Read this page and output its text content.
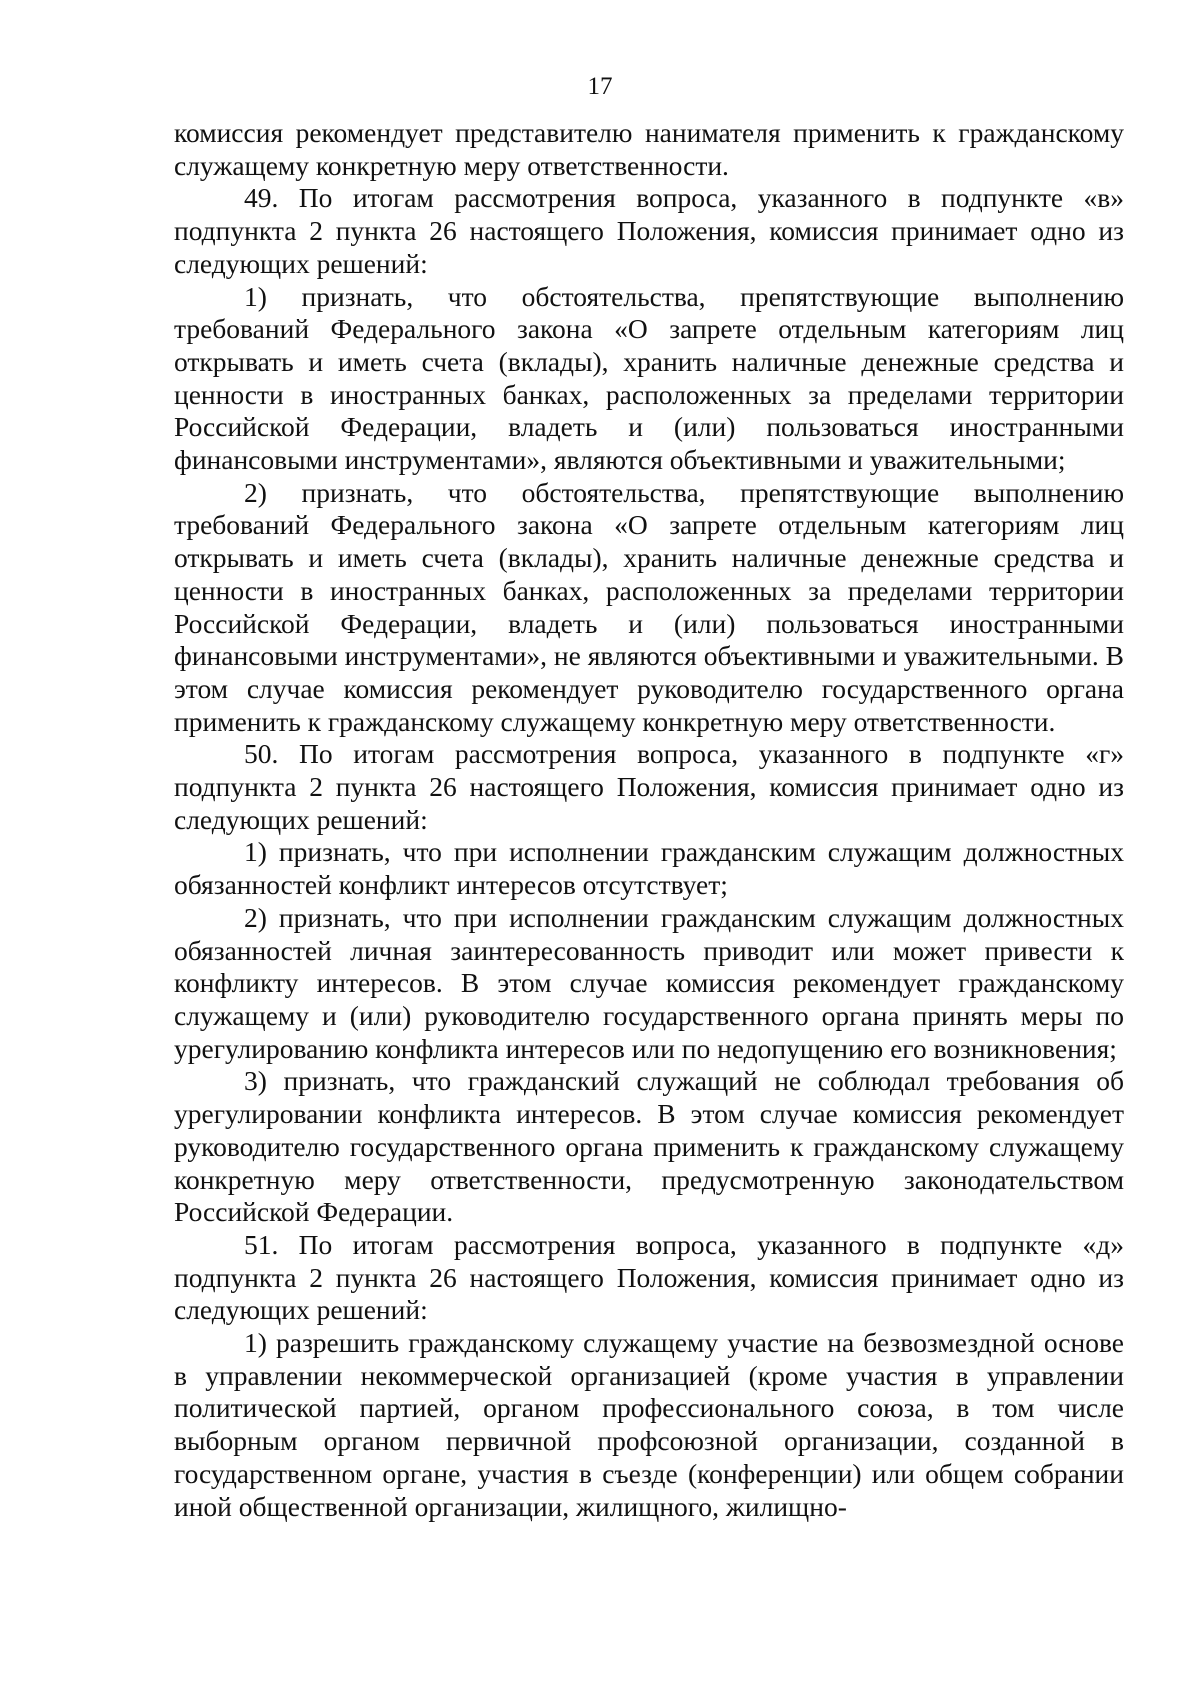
17

комиссия рекомендует представителю нанимателя применить к гражданскому служащему конкретную меру ответственности.

49. По итогам рассмотрения вопроса, указанного в подпункте «в» подпункта 2 пункта 26 настоящего Положения, комиссия принимает одно из следующих решений:

1) признать, что обстоятельства, препятствующие выполнению требований Федерального закона «О запрете отдельным категориям лиц открывать и иметь счета (вклады), хранить наличные денежные средства и ценности в иностранных банках, расположенных за пределами территории Российской Федерации, владеть и (или) пользоваться иностранными финансовыми инструментами», являются объективными и уважительными;

2) признать, что обстоятельства, препятствующие выполнению требований Федерального закона «О запрете отдельным категориям лиц открывать и иметь счета (вклады), хранить наличные денежные средства и ценности в иностранных банках, расположенных за пределами территории Российской Федерации, владеть и (или) пользоваться иностранными финансовыми инструментами», не являются объективными и уважительными. В этом случае комиссия рекомендует руководителю государственного органа применить к гражданскому служащему конкретную меру ответственности.

50. По итогам рассмотрения вопроса, указанного в подпункте «г» подпункта 2 пункта 26 настоящего Положения, комиссия принимает одно из следующих решений:

1) признать, что при исполнении гражданским служащим должностных обязанностей конфликт интересов отсутствует;

2) признать, что при исполнении гражданским служащим должностных обязанностей личная заинтересованность приводит или может привести к конфликту интересов. В этом случае комиссия рекомендует гражданскому служащему и (или) руководителю государственного органа принять меры по урегулированию конфликта интересов или по недопущению его возникновения;

3) признать, что гражданский служащий не соблюдал требования об урегулировании конфликта интересов. В этом случае комиссия рекомендует руководителю государственного органа применить к гражданскому служащему конкретную меру ответственности, предусмотренную законодательством Российской Федерации.

51. По итогам рассмотрения вопроса, указанного в подпункте «д» подпункта 2 пункта 26 настоящего Положения, комиссия принимает одно из следующих решений:

1) разрешить гражданскому служащему участие на безвозмездной основе в управлении некоммерческой организацией (кроме участия в управлении политической партией, органом профессионального союза, в том числе выборным органом первичной профсоюзной организации, созданной в государственном органе, участия в съезде (конференции) или общем собрании иной общественной организации, жилищного, жилищно-
